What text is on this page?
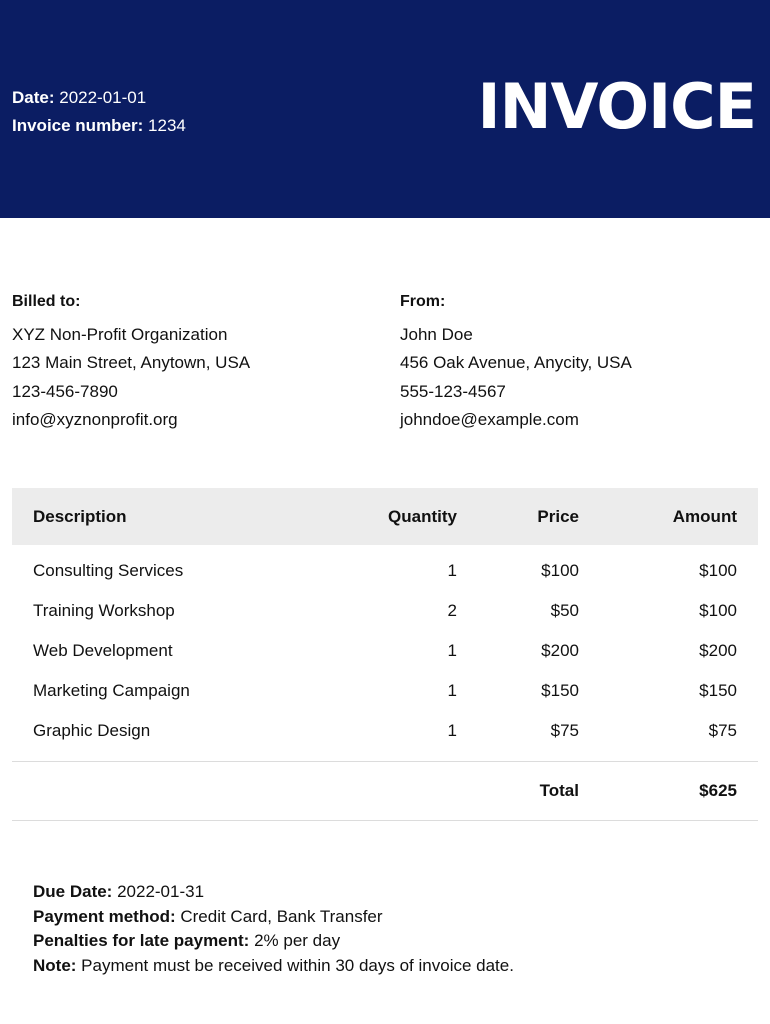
Date: 2022-01-01
Invoice number: 1234	INVOICE
Billed to:
XYZ Non-Profit Organization
123 Main Street, Anytown, USA
123-456-7890
info@xyznonprofit.org
From:
John Doe
456 Oak Avenue, Anycity, USA
555-123-4567
johndoe@example.com
Description	Quantity	Price	Amount
Consulting Services	1	$100	$100
Training Workshop	2	$50	$100
Web Development	1	$200	$200
Marketing Campaign	1	$150	$150
Graphic Design	1	$75	$75
Total	$625
Due Date: 2022-01-31
Payment method: Credit Card, Bank Transfer
Penalties for late payment: 2% per day
Note: Payment must be received within 30 days of invoice date.
